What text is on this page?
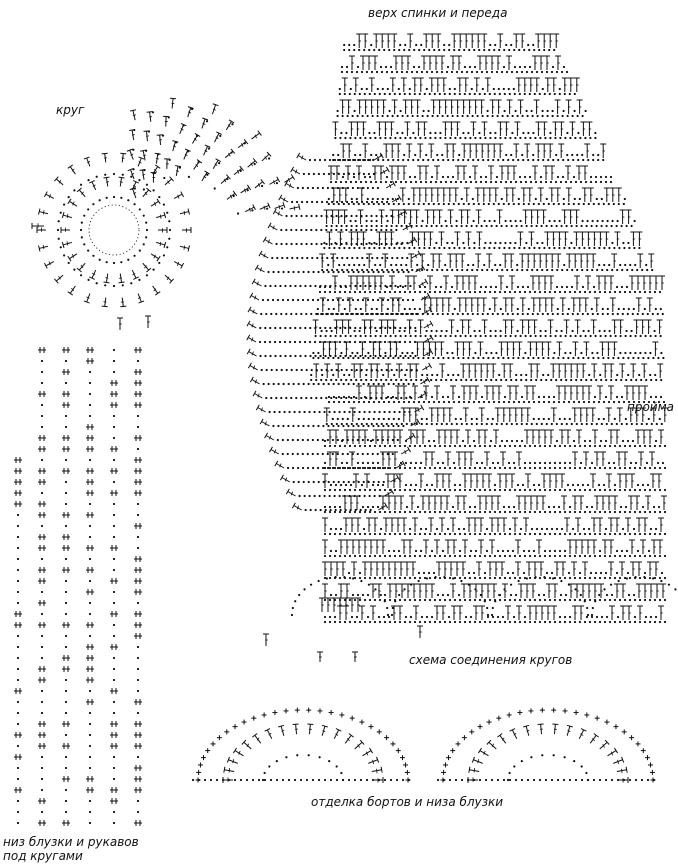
круг
верх спинки и переда
пройма
схема соединения кругов
низ блузки и рукавов
под кругами
отделка бортов и низа блузки
